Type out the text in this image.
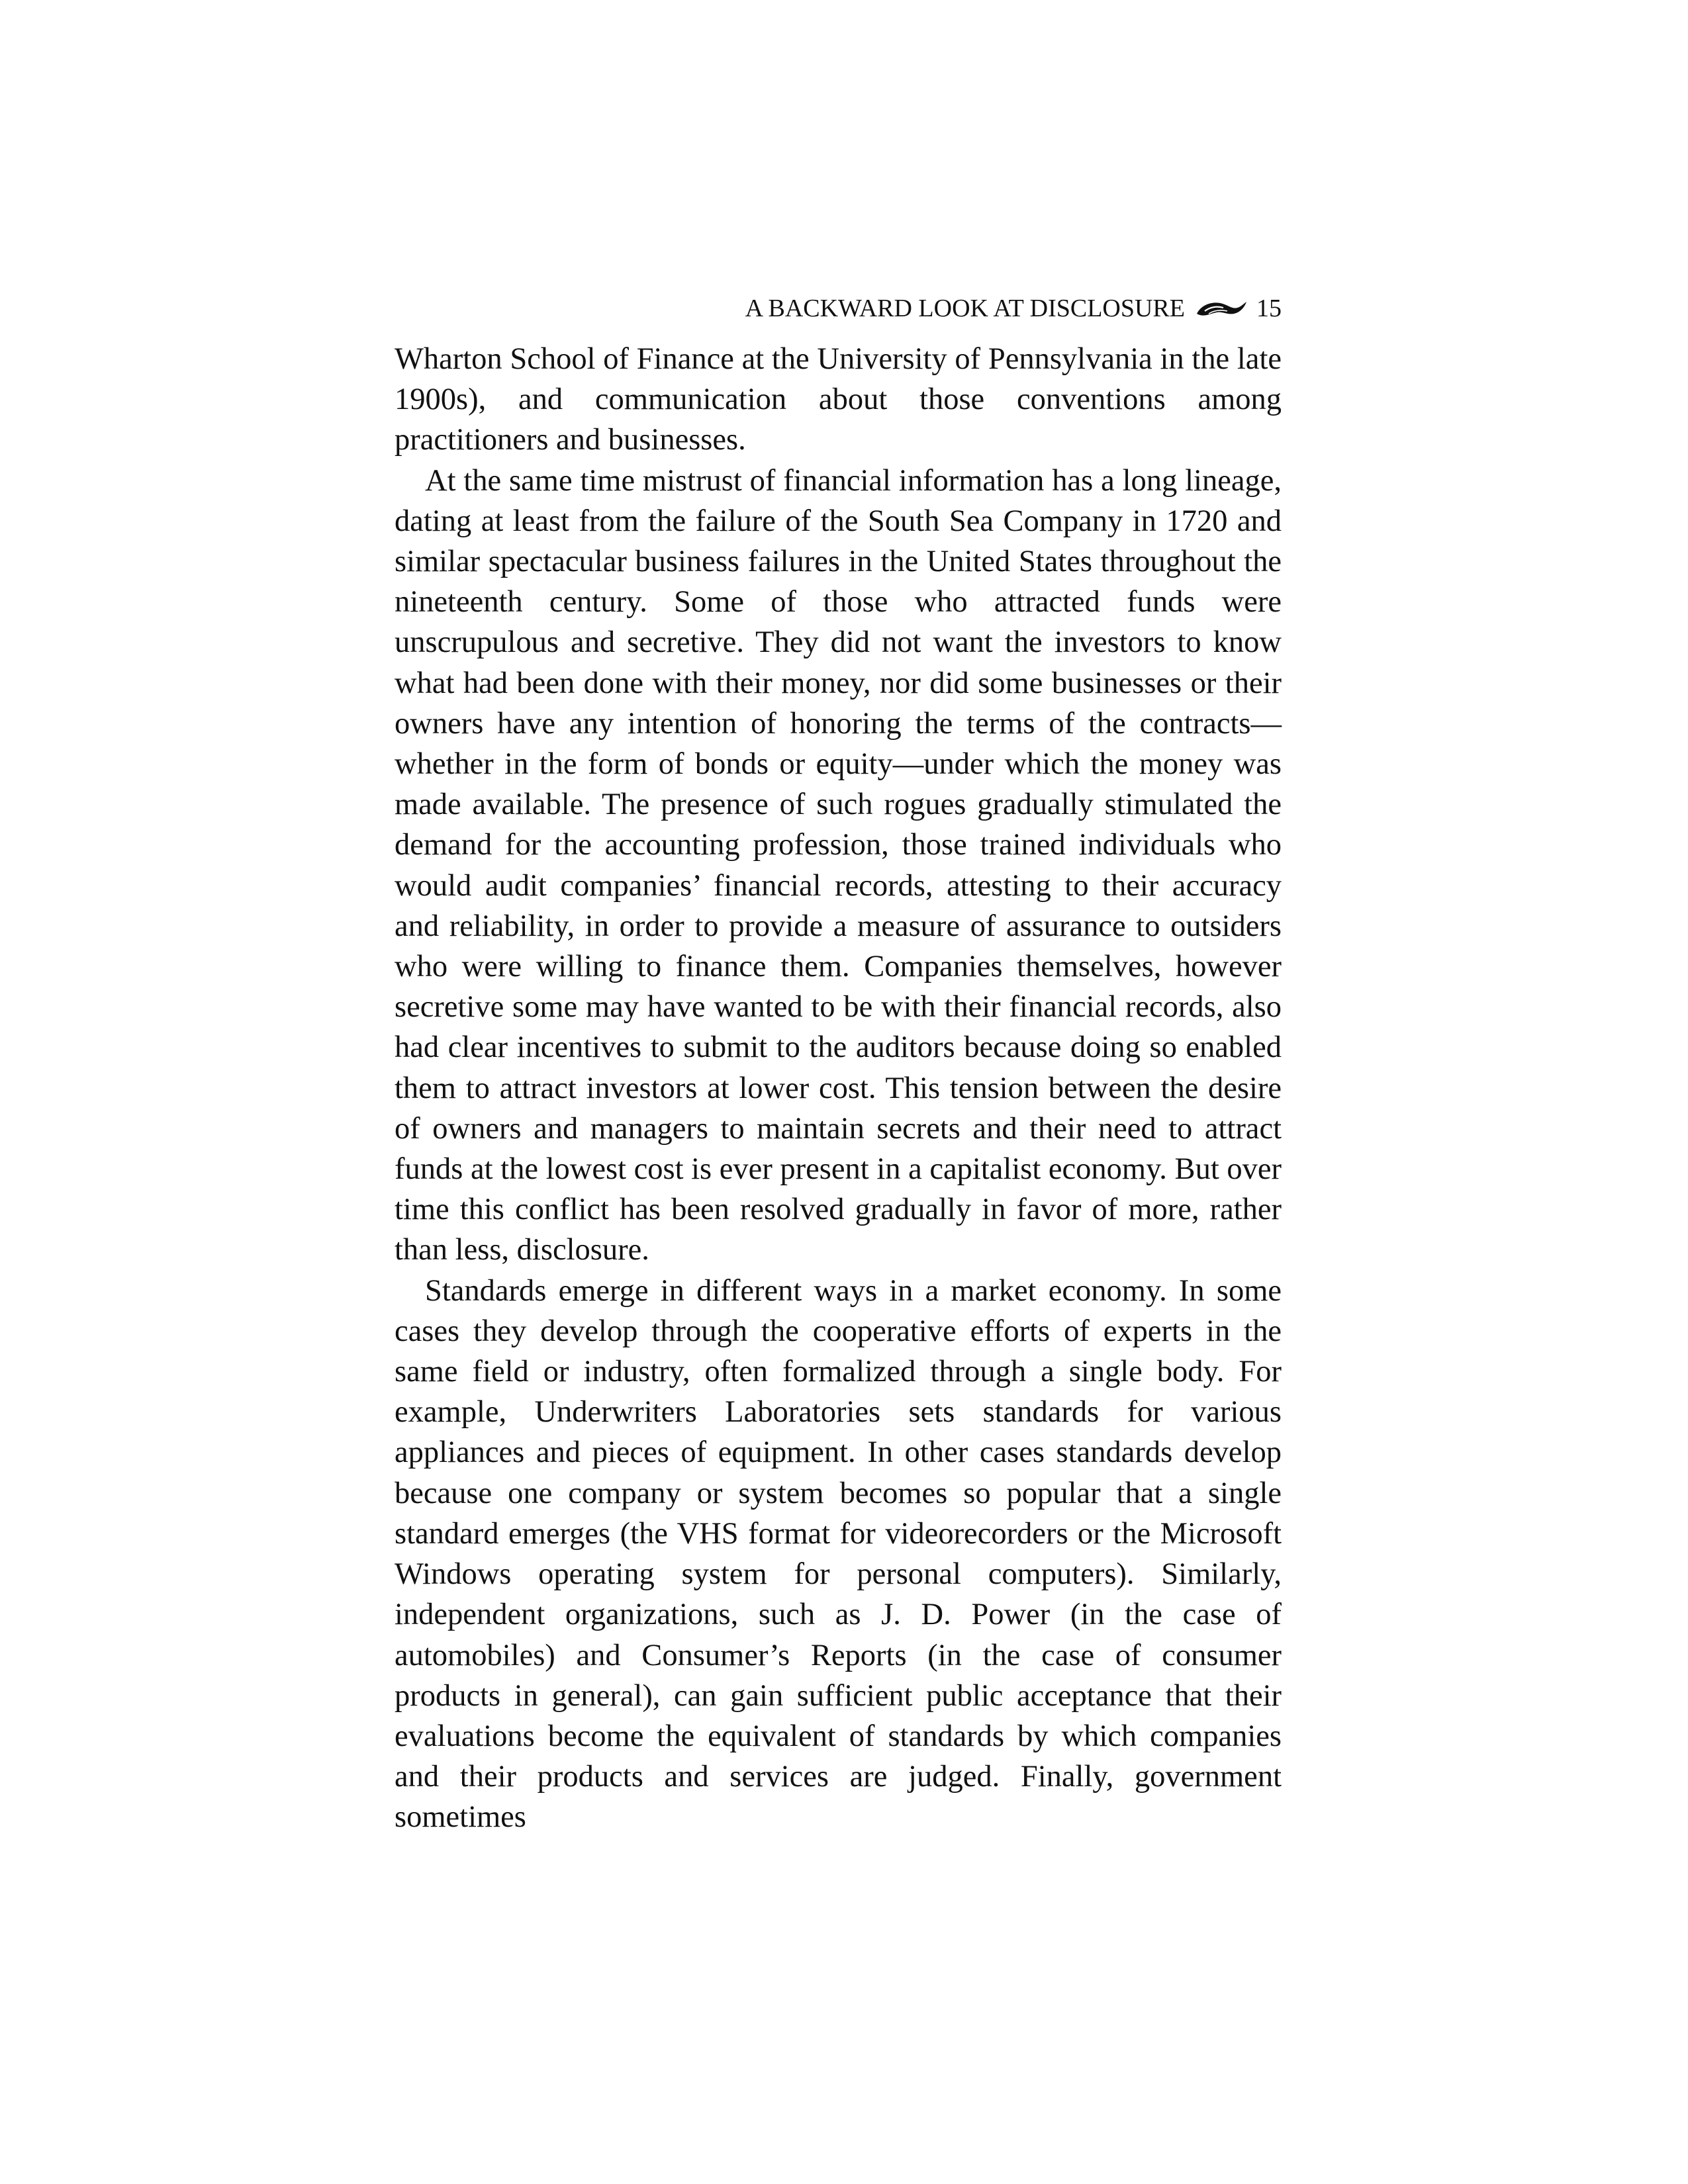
A BACKWARD LOOK AT DISCLOSURE	15

Wharton School of Finance at the University of Pennsylvania in the late 1900s), and communication about those conventions among practitioners and businesses.

At the same time mistrust of financial information has a long lineage, dating at least from the failure of the South Sea Company in 1720 and similar spectacular business failures in the United States throughout the nineteenth century. Some of those who attracted funds were unscrupulous and secretive. They did not want the investors to know what had been done with their money, nor did some businesses or their owners have any intention of honoring the terms of the contracts—whether in the form of bonds or equity—under which the money was made available. The presence of such rogues gradually stimulated the demand for the accounting profession, those trained individuals who would audit companies’ financial records, attesting to their accuracy and reliability, in order to provide a measure of assurance to outsiders who were willing to finance them. Companies themselves, however secretive some may have wanted to be with their financial records, also had clear incentives to submit to the auditors because doing so enabled them to attract investors at lower cost. This tension between the desire of owners and managers to maintain secrets and their need to attract funds at the lowest cost is ever present in a capitalist economy. But over time this conflict has been resolved gradually in favor of more, rather than less, disclosure.

Standards emerge in different ways in a market economy. In some cases they develop through the cooperative efforts of experts in the same field or industry, often formalized through a single body. For example, Underwriters Laboratories sets standards for various appliances and pieces of equipment. In other cases standards develop because one company or system becomes so popular that a single standard emerges (the VHS format for videorecorders or the Microsoft Windows operating system for personal computers). Similarly, independent organizations, such as J. D. Power (in the case of automobiles) and Consumer’s Reports (in the case of consumer products in general), can gain sufficient public acceptance that their evaluations become the equivalent of standards by which companies and their products and services are judged. Finally, government sometimes
